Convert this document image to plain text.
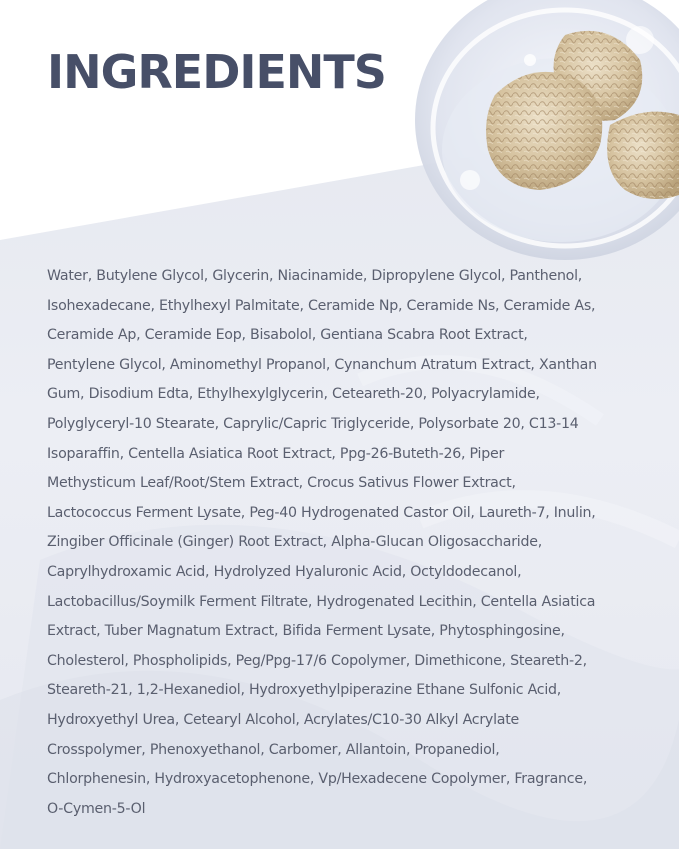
INGREDIENTS
Water, Butylene Glycol, Glycerin, Niacinamide, Dipropylene Glycol, Panthenol,
Isohexadecane, Ethylhexyl Palmitate, Ceramide Np, Ceramide Ns, Ceramide As,
Ceramide Ap, Ceramide Eop, Bisabolol, Gentiana Scabra Root Extract,
Pentylene Glycol, Aminomethyl Propanol, Cynanchum Atratum Extract, Xanthan
Gum, Disodium Edta, Ethylhexylglycerin, Ceteareth-20, Polyacrylamide,
Polyglyceryl-10 Stearate, Caprylic/Capric Triglyceride, Polysorbate 20, C13-14
Isoparaffin, Centella Asiatica Root Extract, Ppg-26-Buteth-26, Piper
Methysticum Leaf/Root/Stem Extract, Crocus Sativus Flower Extract,
Lactococcus Ferment Lysate, Peg-40 Hydrogenated Castor Oil, Laureth-7, Inulin,
Zingiber Officinale (Ginger) Root Extract, Alpha-Glucan Oligosaccharide,
Caprylhydroxamic Acid, Hydrolyzed Hyaluronic Acid, Octyldodecanol,
Lactobacillus/Soymilk Ferment Filtrate, Hydrogenated Lecithin, Centella Asiatica
Extract, Tuber Magnatum Extract, Bifida Ferment Lysate, Phytosphingosine,
Cholesterol, Phospholipids, Peg/Ppg-17/6 Copolymer, Dimethicone, Steareth-2,
Steareth-21, 1,2-Hexanediol, Hydroxyethylpiperazine Ethane Sulfonic Acid,
Hydroxyethyl Urea, Cetearyl Alcohol, Acrylates/C10-30 Alkyl Acrylate
Crosspolymer, Phenoxyethanol, Carbomer, Allantoin, Propanediol,
Chlorphenesin, Hydroxyacetophenone, Vp/Hexadecene Copolymer, Fragrance,
O-Cymen-5-Ol
